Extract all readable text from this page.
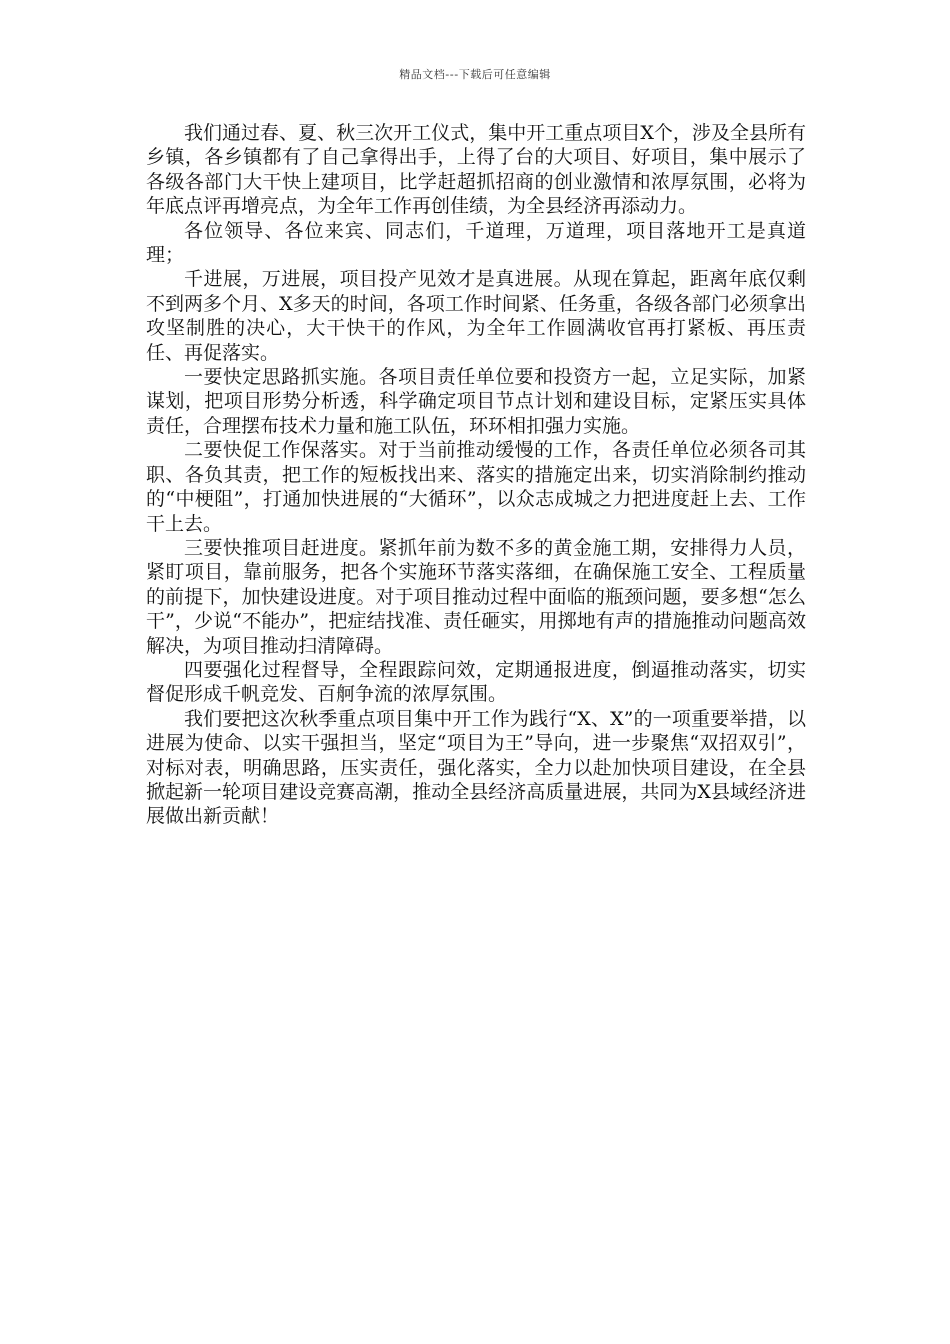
精品文档---下载后可任意编辑

我们通过春、夏、秋三次开工仪式，集中开工重点项目X个，涉及全县所有乡镇，各乡镇都有了自己拿得出手，上得了台的大项目、好项目，集中展示了各级各部门大干快上建项目，比学赶超抓招商的创业激情和浓厚氛围，必将为年底点评再增亮点，为全年工作再创佳绩，为全县经济再添动力。

各位领导、各位来宾、同志们，千道理，万道理，项目落地开工是真道理；

千进展，万进展，项目投产见效才是真进展。从现在算起，距离年底仅剩不到两多个月、X多天的时间，各项工作时间紧、任务重，各级各部门必须拿出攻坚制胜的决心，大干快干的作风，为全年工作圆满收官再打紧板、再压责任、再促落实。

一要快定思路抓实施。各项目责任单位要和投资方一起，立足实际，加紧谋划，把项目形势分析透，科学确定项目节点计划和建设目标，定紧压实具体责任，合理摆布技术力量和施工队伍，环环相扣强力实施。

二要快促工作保落实。对于当前推动缓慢的工作，各责任单位必须各司其职、各负其责，把工作的短板找出来、落实的措施定出来，切实消除制约推动的“中梗阻”，打通加快进展的“大循环”，以众志成城之力把进度赶上去、工作干上去。

三要快推项目赶进度。紧抓年前为数不多的黄金施工期，安排得力人员，紧盯项目，靠前服务，把各个实施环节落实落细，在确保施工安全、工程质量的前提下，加快建设进度。对于项目推动过程中面临的瓶颈问题，要多想“怎么干”，少说“不能办”，把症结找准、责任砸实，用掷地有声的措施推动问题高效解决，为项目推动扫清障碍。

四要强化过程督导，全程跟踪问效，定期通报进度，倒逼推动落实，切实督促形成千帆竞发、百舸争流的浓厚氛围。

我们要把这次秋季重点项目集中开工作为践行“X、X”的一项重要举措，以进展为使命、以实干强担当，坚定“项目为王”导向，进一步聚焦“双招双引”，对标对表，明确思路，压实责任，强化落实，全力以赴加快项目建设，在全县掀起新一轮项目建设竞赛高潮，推动全县经济高质量进展，共同为X县域经济进展做出新贡献！
